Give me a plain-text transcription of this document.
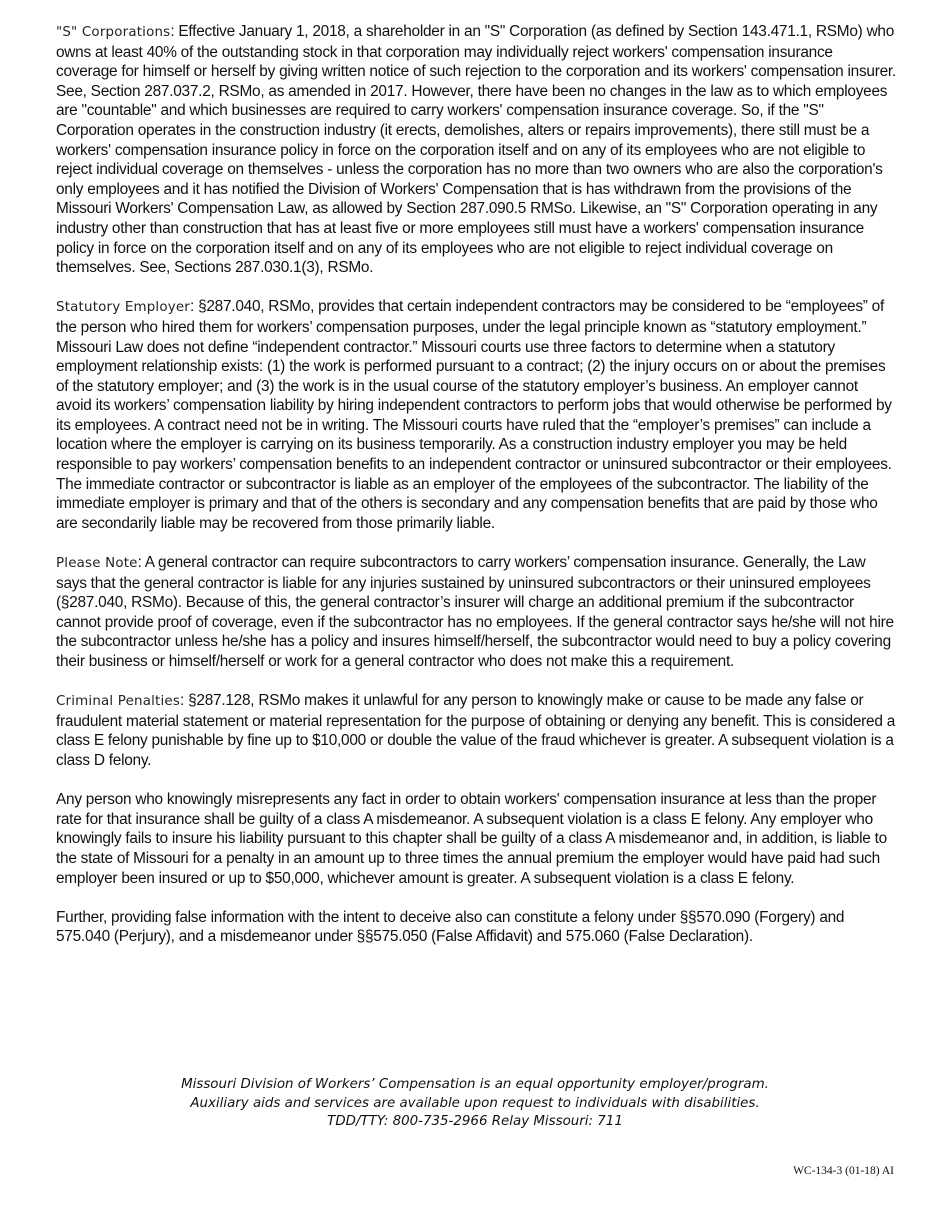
"S" Corporations: Effective January 1, 2018, a shareholder in an "S" Corporation (as defined by Section 143.471.1, RSMo) who owns at least 40% of the outstanding stock in that corporation may individually reject workers' compensation insurance coverage for himself or herself by giving written notice of such rejection to the corporation and its workers' compensation insurer. See, Section 287.037.2, RSMo, as amended in 2017. However, there have been no changes in the law as to which employees are "countable" and which businesses are required to carry workers' compensation insurance coverage. So, if the "S" Corporation operates in the construction industry (it erects, demolishes, alters or repairs improvements), there still must be a workers' compensation insurance policy in force on the corporation itself and on any of its employees who are not eligible to reject individual coverage on themselves - unless the corporation has no more than two owners who are also the corporation's only employees and it has notified the Division of Workers' Compensation that is has withdrawn from the provisions of the Missouri Workers' Compensation Law, as allowed by Section 287.090.5 RMSo. Likewise, an "S" Corporation operating in any industry other than construction that has at least five or more employees still must have a workers' compensation insurance policy in force on the corporation itself and on any of its employees who are not eligible to reject individual coverage on themselves. See, Sections 287.030.1(3), RSMo.

Statutory Employer: §287.040, RSMo, provides that certain independent contractors may be considered to be “employees” of the person who hired them for workers’ compensation purposes, under the legal principle known as “statutory employment.” Missouri Law does not define “independent contractor.” Missouri courts use three factors to determine when a statutory employment relationship exists: (1) the work is performed pursuant to a contract; (2) the injury occurs on or about the premises of the statutory employer; and (3) the work is in the usual course of the statutory employer’s business. An employer cannot avoid its workers’ compensation liability by hiring independent contractors to perform jobs that would otherwise be performed by its employees. A contract need not be in writing. The Missouri courts have ruled that the “employer’s premises” can include a location where the employer is carrying on its business temporarily. As a construction industry employer you may be held responsible to pay workers’ compensation benefits to an independent contractor or uninsured subcontractor or their employees. The immediate contractor or subcontractor is liable as an employer of the employees of the subcontractor. The liability of the immediate employer is primary and that of the others is secondary and any compensation benefits that are paid by those who are secondarily liable may be recovered from those primarily liable.

Please Note: A general contractor can require subcontractors to carry workers’ compensation insurance. Generally, the Law says that the general contractor is liable for any injuries sustained by uninsured subcontractors or their uninsured employees (§287.040, RSMo). Because of this, the general contractor’s insurer will charge an additional premium if the subcontractor cannot provide proof of coverage, even if the subcontractor has no employees. If the general contractor says he/she will not hire the subcontractor unless he/she has a policy and insures himself/herself, the subcontractor would need to buy a policy covering their business or himself/herself or work for a general contractor who does not make this a requirement.

Criminal Penalties: §287.128, RSMo makes it unlawful for any person to knowingly make or cause to be made any false or fraudulent material statement or material representation for the purpose of obtaining or denying any benefit. This is considered a class E felony punishable by fine up to $10,000 or double the value of the fraud whichever is greater. A subsequent violation is a class D felony.

Any person who knowingly misrepresents any fact in order to obtain workers' compensation insurance at less than the proper rate for that insurance shall be guilty of a class A misdemeanor. A subsequent violation is a class E felony. Any employer who knowingly fails to insure his liability pursuant to this chapter shall be guilty of a class A misdemeanor and, in addition, is liable to the state of Missouri for a penalty in an amount up to three times the annual premium the employer would have paid had such employer been insured or up to $50,000, whichever amount is greater. A subsequent violation is a class E felony.

Further, providing false information with the intent to deceive also can constitute a felony under §§570.090 (Forgery) and 575.040 (Perjury), and a misdemeanor under §§575.050 (False Affidavit) and 575.060 (False Declaration).

Missouri Division of Workers’ Compensation is an equal opportunity employer/program.
Auxiliary aids and services are available upon request to individuals with disabilities.
TDD/TTY: 800-735-2966 Relay Missouri: 711
WC-134-3 (01-18) AI
